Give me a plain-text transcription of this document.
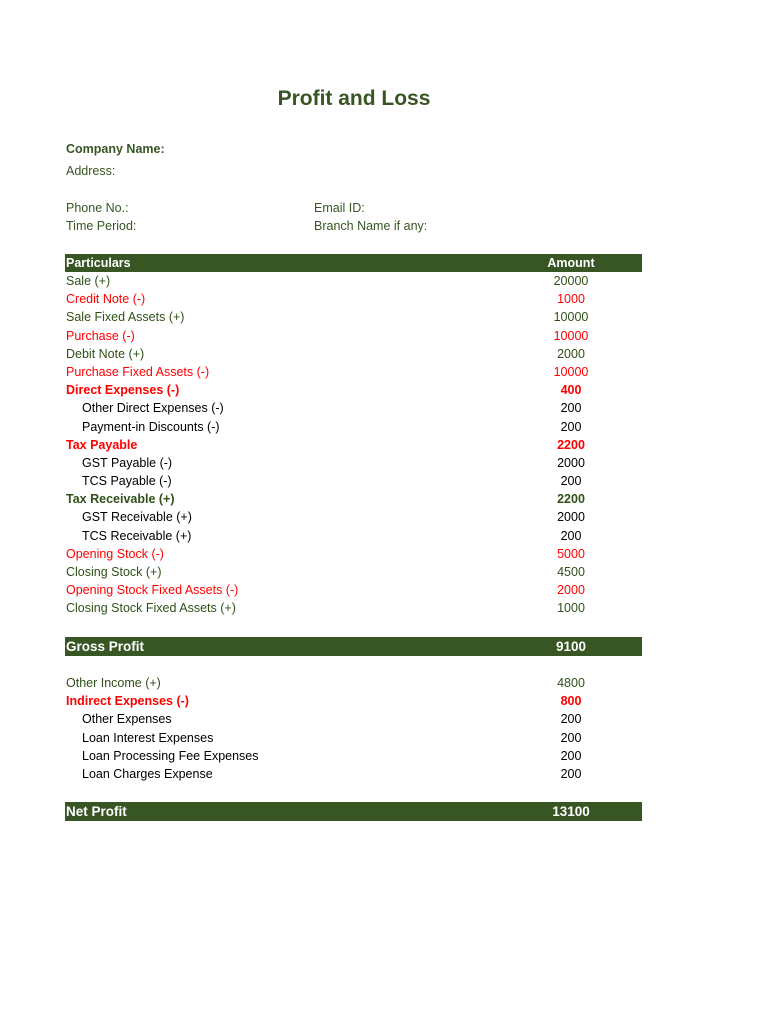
Profit and Loss
Company Name:
Address:
Phone No.:	Email ID:
Time Period:	Branch Name if any:
Particulars	Amount
Sale (+)	20000
Credit Note (-)	1000
Sale Fixed Assets (+)	10000
Purchase (-)	10000
Debit Note (+)	2000
Purchase Fixed Assets (-)	10000
Direct Expenses (-)	400
Other Direct Expenses (-)	200
Payment-in Discounts (-)	200
Tax Payable	2200
GST Payable (-)	2000
TCS Payable (-)	200
Tax Receivable (+)	2200
GST Receivable (+)	2000
TCS Receivable (+)	200
Opening Stock (-)	5000
Closing Stock (+)	4500
Opening Stock Fixed Assets (-)	2000
Closing Stock Fixed Assets (+)	1000
Gross Profit	9100
Other Income (+)	4800
Indirect Expenses (-)	800
Other Expenses	200
Loan Interest Expenses	200
Loan Processing Fee Expenses	200
Loan Charges Expense	200
Net Profit	13100
